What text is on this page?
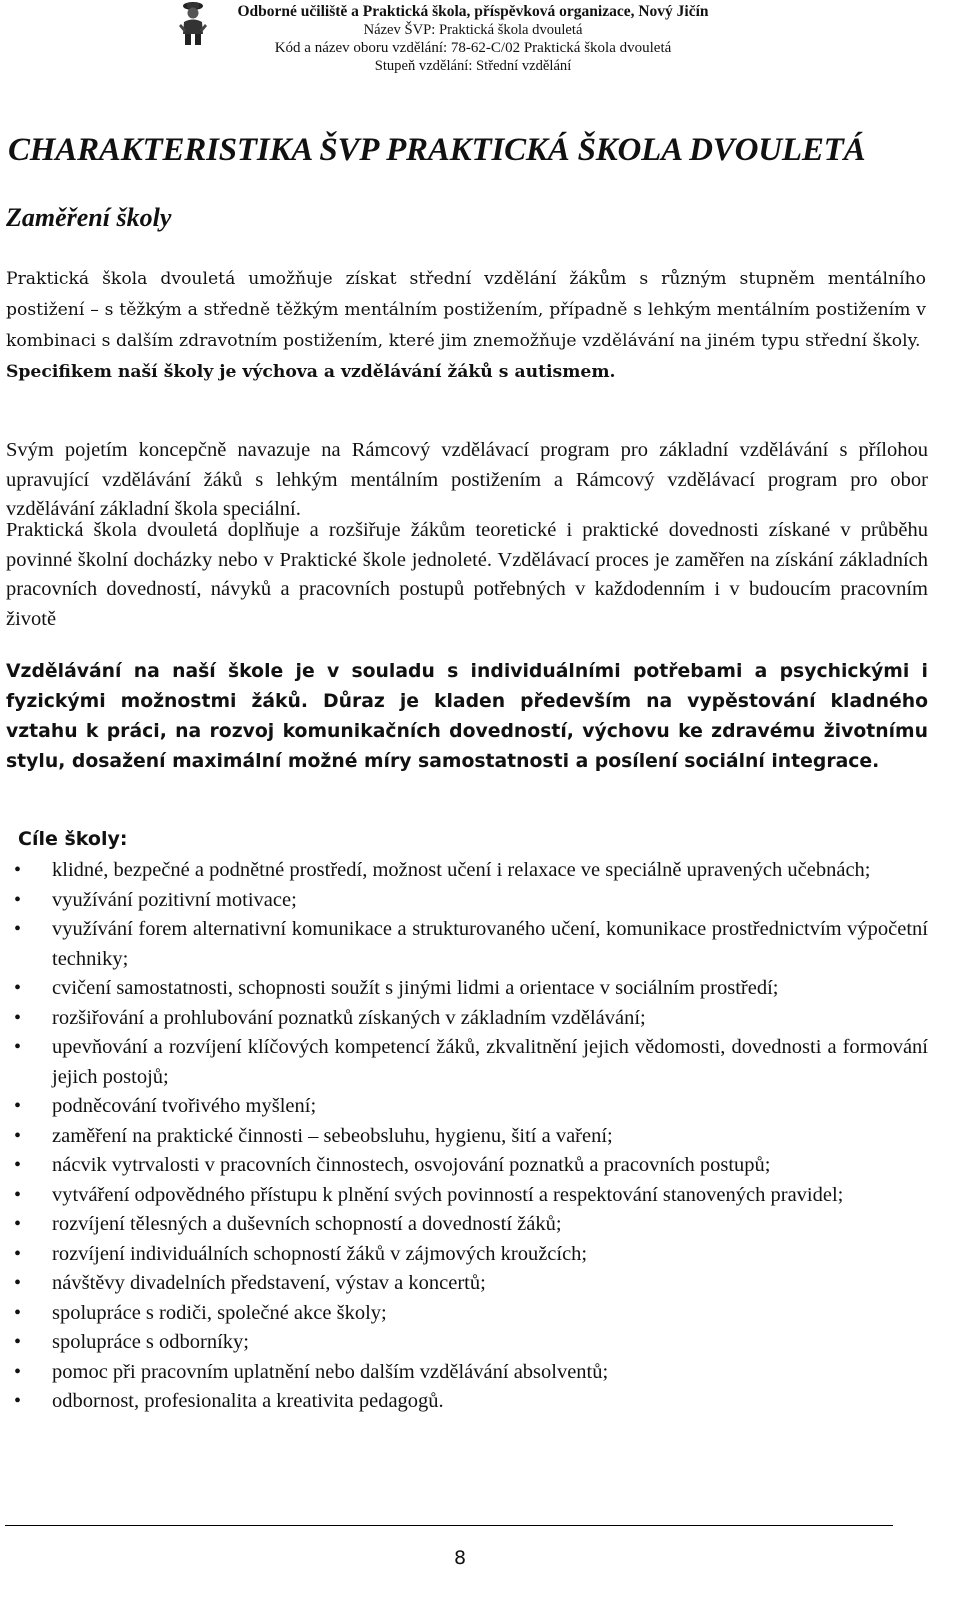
Odborné učiliště a Praktická škola, příspěvková organizace, Nový Jičín
Název ŠVP: Praktická škola dvouletá
Kód a název oboru vzdělání: 78-62-C/02 Praktická škola dvouletá
Stupeň vzdělání: Střední vzdělání
CHARAKTERISTIKA ŠVP PRAKTICKÁ ŠKOLA DVOULETÁ
Zaměření školy

Praktická škola dvouletá umožňuje získat střední vzdělání žákům s různým stupněm mentálního postižení – s těžkým a středně těžkým mentálním postižením, případně s lehkým mentálním postižením v kombinaci s dalším zdravotním postižením, které jim znemožňuje vzdělávání na jiném typu střední školy.  Specifikem naší školy je výchova a vzdělávání žáků s autismem.

Svým pojetím koncepčně navazuje na Rámcový vzdělávací program pro základní vzdělávání s přílohou upravující vzdělávání žáků s lehkým mentálním postižením a Rámcový vzdělávací program pro obor vzdělávání základní škola speciální.

Praktická škola dvouletá doplňuje a rozšiřuje žákům teoretické i praktické dovednosti získané v průběhu povinné školní docházky nebo v Praktické škole jednoleté. Vzdělávací proces je zaměřen na získání základních pracovních dovedností, návyků a pracovních postupů potřebných v každodenním i v budoucím pracovním životě

Vzdělávání na naší škole je v souladu s individuálními potřebami a psychickými i fyzickými možnostmi žáků. Důraz je kladen především na vypěstování kladného vztahu k práci, na rozvoj komunikačních dovedností, výchovu ke zdravému životnímu stylu, dosažení maximální možné míry samostatnosti a posílení sociální integrace.

Cíle školy:
• klidné, bezpečné a podnětné prostředí, možnost učení i relaxace ve speciálně upravených učebnách;
• využívání pozitivní motivace;
• využívání forem alternativní komunikace a strukturovaného učení, komunikace prostřednictvím výpočetní techniky;
• cvičení samostatnosti, schopnosti soužít s jinými lidmi a orientace v sociálním prostředí;
• rozšiřování a prohlubování poznatků získaných v základním vzdělávání;
• upevňování a rozvíjení klíčových kompetencí žáků, zkvalitnění jejich vědomosti, dovednosti a formování jejich postojů;
• podněcování tvořivého myšlení;
• zaměření na praktické činnosti – sebeobsluhu, hygienu, šití a vaření;
• nácvik vytrvalosti v pracovních činnostech, osvojování poznatků a pracovních postupů;
• vytváření odpovědného přístupu k plnění svých povinností a respektování stanovených pravidel;
• rozvíjení tělesných a duševních schopností a dovedností žáků;
• rozvíjení individuálních schopností žáků v zájmových kroužcích;
• návštěvy divadelních představení, výstav a koncertů;
• spolupráce s rodiči, společné akce školy;
• spolupráce s odborníky;
• pomoc při pracovním uplatnění nebo dalším vzdělávání absolventů;
• odbornost, profesionalita a kreativita pedagogů.
8
